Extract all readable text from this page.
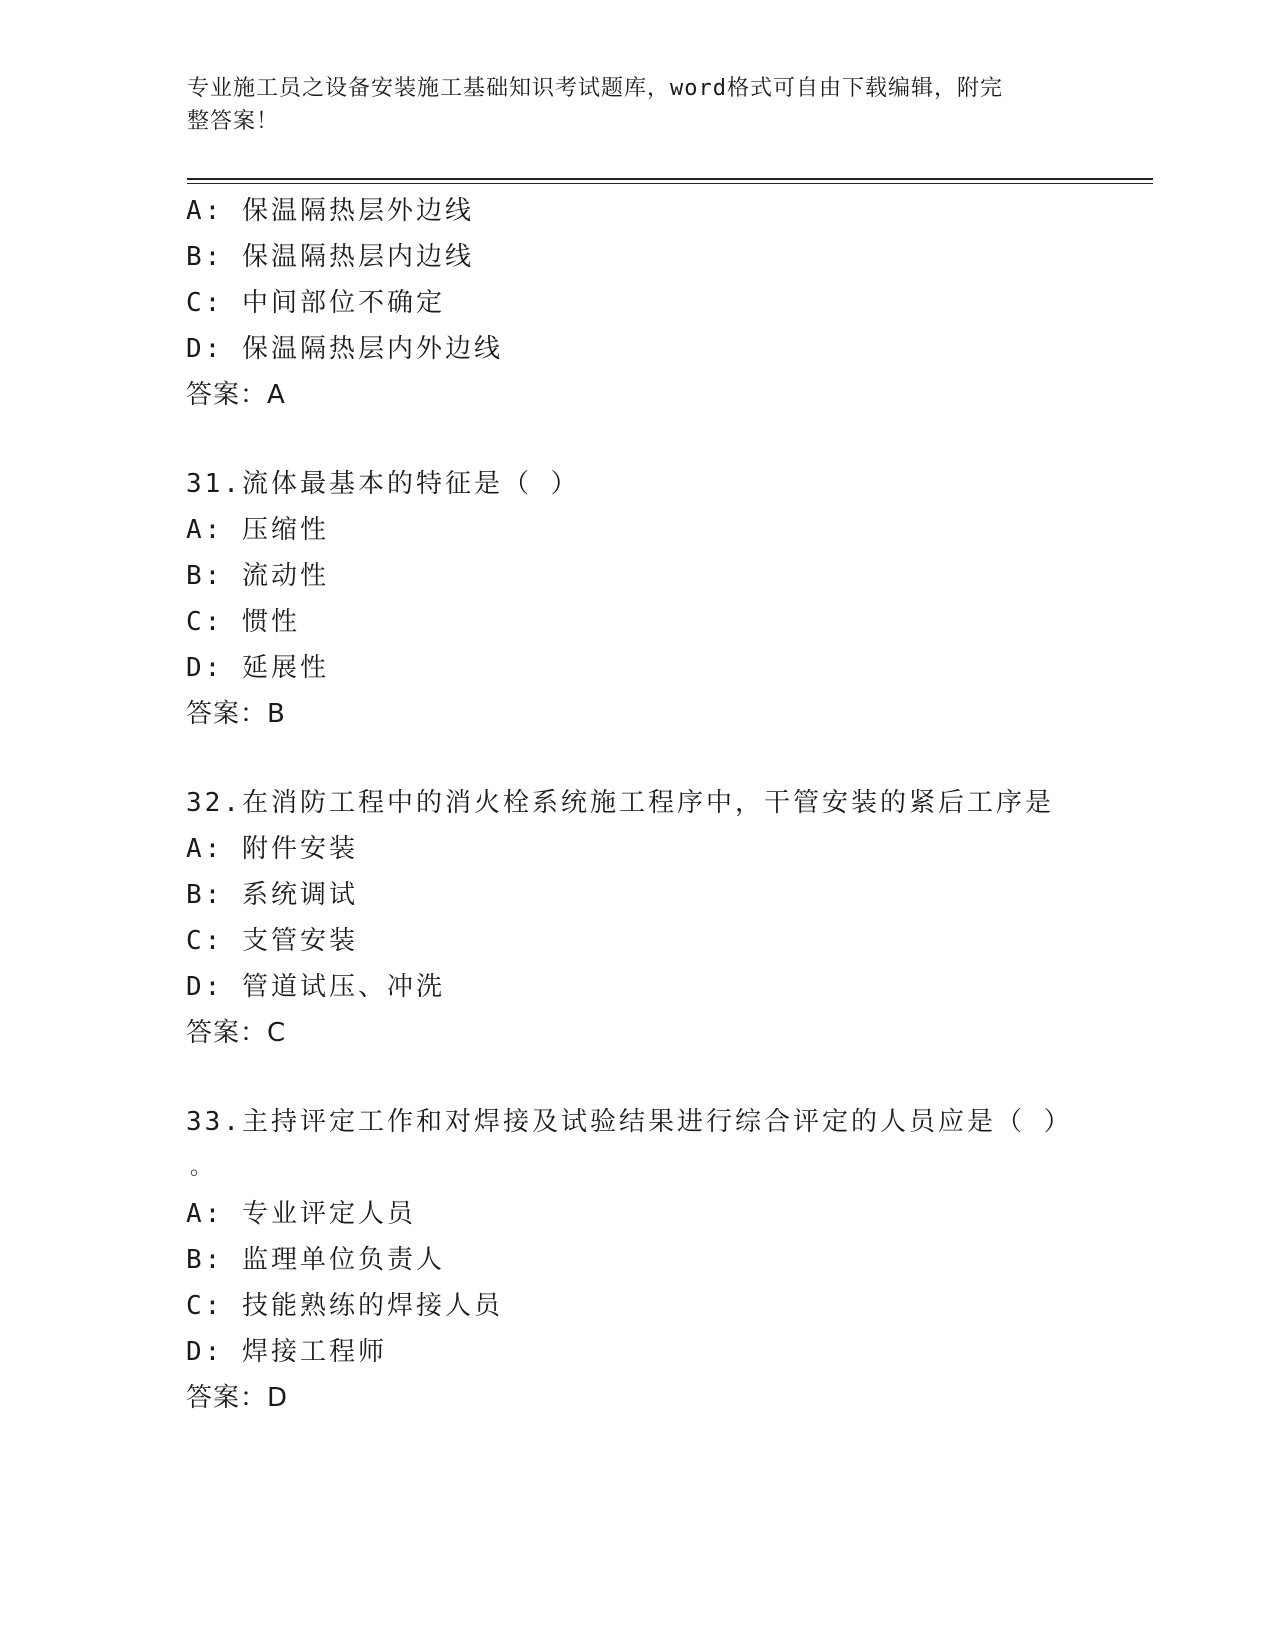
专业施工员之设备安装施工基础知识考试题库，word格式可自由下载编辑，附完
整答案！
A: 保温隔热层外边线
B: 保温隔热层内边线
C: 中间部位不确定
D: 保温隔热层内外边线
答案：A
31.流体最基本的特征是（ ）
A: 压缩性
B: 流动性
C: 惯性
D: 延展性
答案：B
32.在消防工程中的消火栓系统施工程序中，干管安装的紧后工序是
A: 附件安装
B: 系统调试
C: 支管安装
D: 管道试压、冲洗
答案：C
33.主持评定工作和对焊接及试验结果进行综合评定的人员应是（ ）
。
A: 专业评定人员
B: 监理单位负责人
C: 技能熟练的焊接人员
D: 焊接工程师
答案：D
